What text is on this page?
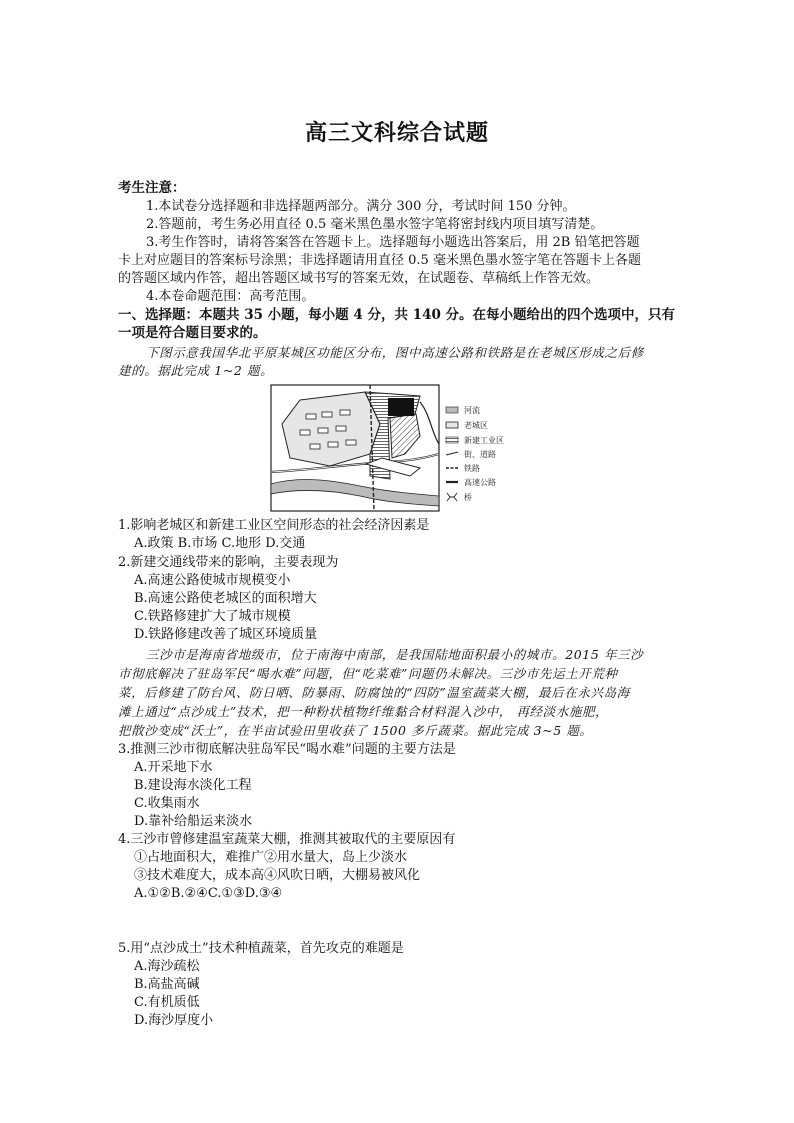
高三文科综合试题
考生注意：
1.本试卷分选择题和非选择题两部分。满分 300 分，考试时间 150 分钟。
2.答题前，考生务必用直径 0.5 毫米黑色墨水签字笔将密封线内项目填写清楚。
3.考生作答时，请将答案答在答题卡上。选择题每小题选出答案后，用 2B 铅笔把答题
卡上对应题目的答案标号涂黑；非选择题请用直径 0.5 毫米黑色墨水签字笔在答题卡上各题
的答题区域内作答，超出答题区域书写的答案无效，在试题卷、草稿纸上作答无效。
4.本卷命题范围：高考范围。
一、选择题：本题共 35 小题，每小题 4 分，共 140 分。在每小题给出的四个选项中，只有
一项是符合题目要求的。
下图示意我国华北平原某城区功能区分布，图中高速公路和铁路是在老城区形成之后修
建的。据此完成 1~2 题。
河流
老城区
新建工业区
街、道路
铁路
高速公路
桥
1.影响老城区和新建工业区空间形态的社会经济因素是
A.政策 B.市场 C.地形 D.交通
2.新建交通线带来的影响，主要表现为
A.高速公路使城市规模变小
B.高速公路使老城区的面积增大
C.铁路修建扩大了城市规模
D.铁路修建改善了城区环境质量
三沙市是海南省地级市，位于南海中南部，是我国陆地面积最小的城市。2015 年三沙
市彻底解决了驻岛军民“喝水难”问题，但“吃菜难”问题仍未解决。三沙市先运土开荒种
菜，后修建了防台风、防日晒、防暴雨、防腐蚀的“四防”温室蔬菜大棚，最后在永兴岛海
滩上通过“点沙成土”技术，把一种粉状植物纤维黏合材料混入沙中， 再经淡水施肥，
把散沙变成“沃土”，在半亩试验田里收获了 1500 多斤蔬菜。据此完成 3~5 题。
3.推测三沙市彻底解决驻岛军民“喝水难”问题的主要方法是
A.开采地下水
B.建设海水淡化工程
C.收集雨水
D.靠补给船运来淡水
4.三沙市曾修建温室蔬菜大棚，推测其被取代的主要原因有
①占地面积大，难推广②用水量大，岛上少淡水
③技术难度大，成本高④风吹日晒，大棚易被风化
A.①②B.②④C.①③D.③④
5.用“点沙成土”技术种植蔬菜，首先攻克的难题是
A.海沙疏松
B.高盐高碱
C.有机质低
D.海沙厚度小
